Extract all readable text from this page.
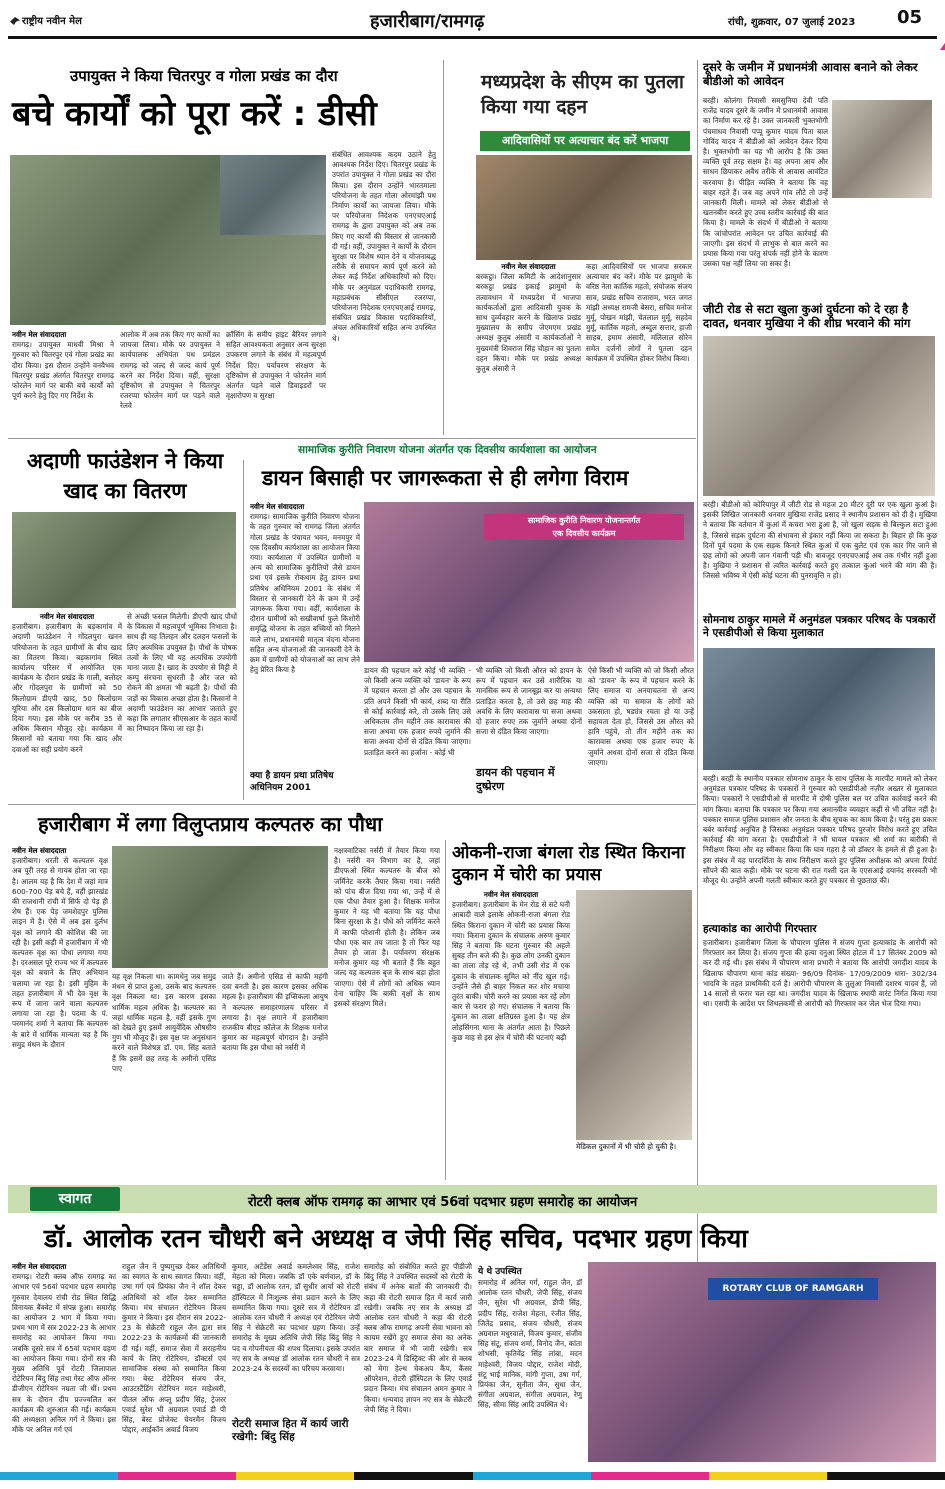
राष्ट्रीय नवीन मेल	हजारीबाग/रामगढ़	रांची, शुक्रवार, 07 जुलाई 2023 05
उपायुक्त ने किया चितरपुर व गोला प्रखंड का दौरा
बचे कार्यों को पूरा करें : डीसी
नवीन मेल संवाददाता
रामगढ़। उपायुक्त माधवी मिश्रा ने गुरुवार को चितरपुर एवं गोला प्रखंड का दौरा किया। इस दौरान उन्होंने वनवैभव चितरपुर प्रखंड अंतर्गत चितरपुर रामगढ़ फोरलेन मार्ग पर बाकी बचे कार्यों को पूर्ण करने हेतु दिए गए निर्देश के
आलोक में अब तक किए गए कार्यों का जायजा लिया। मौके पर उपायुक्त ने कार्यपालक अभियंता पथ प्रमंडल रामगढ़ को जल्द से जल्द कार्य पूर्ण करने का निर्देश दिया। वहीं, सुरक्षा दृष्टिकोण से उपायुक्त ने चितरपुर रजरप्पा फोरलेन मार्ग पर पड़ने वाले रेलवे
क्रॉसिंग के समीप हाइट बैरियर लगाने सहित आवश्यकता अनुसार अन्य सुरक्षा उपकरण लगाने के संबंध में महत्वपूर्ण निर्देश दिए। पर्यावरण संरक्षण के दृष्टिकोण से उपायुक्त ने फोरलेन मार्ग अंतर्गत पड़ने वाले डिवाइडरों पर वृक्षारोपण व सुरक्षा
संबंधित आवश्यक कदम उठाने हेतु आवश्यक निर्देश दिए। चितरपुर प्रखंड के उपरांत उपायुक्त ने गोला प्रखंड का दौरा किया। इस दौरान उन्होंने भारतमाला परियोजना के तहत गोला ओरमांझी पथ निर्माण कार्यों का जायजा लिया। मौके पर परियोजना निदेशक एनएचएआई रामगढ़ के द्वारा उपायुक्त को अब तक किए गए कार्यों की विस्तार से जानकारी दी गई। वहीं, उपायुक्त ने कार्यों के दौरान सुरक्षा पर विशेष ध्यान देने व योजनाबद्ध तरीके से समापन कार्य पूर्ण करने को लेकर कई निर्देश अधिकारियों को दिए। मौके पर अनुमंडल पदाधिकारी रामगढ़, महाप्रबंधक सीसीएल रजरप्पा, परियोजना निदेशक एनएचएआई रामगढ़, संबंधित प्रखंड विकास पदाधिकारियों, अंचल अधिकारियों सहित अन्य उपस्थित थे।
मध्यप्रदेश के सीएम का पुतला किया गया दहन
आदिवासियों पर अत्याचार बंद करें भाजपा
नवीन मेल संवाददाता
बरकट्ठा। जिला कमिटी के आदेशानुसार बरकट्ठा प्रखंड इकाई झामुमो के तत्वावधान में मध्यप्रदेश में भाजपा कार्यकर्ताओं द्वारा आदिवासी युवक के साथ दुर्व्यवहार करने के खिलाफ प्रखंड मुख्यालय के समीप जेएमएम प्रखंड अध्यक्ष कुतुब अंसारी व कार्यकर्ताओं ने मुख्यमंत्री शिवराज सिंह चौहान का पुतला दहन किया। मौके पर प्रखंड अध्यक्ष कुतुब अंसारी ने
कहा आदिवासियों पर भाजपा सरकार अत्याचार बंद करें। मौके पर झामुमो के वरिष्ठ नेता कार्तिक महतो, संयोजक संजय साव, प्रखंड सचिव राजाराम, भरत जगत मांझी अध्यक्ष रामजी बेसरा, सचिव मनोज मुर्मू, पोखन मांझी, चेतलाल मुर्मू, सहदेव मुर्मू, कार्तिक महतो, अब्दुल सत्तार, हाजी साहब, इमाम अंसारी, मलिलाल सोरेन समेत दर्जनों लोगों ने पुतला दहन कार्यक्रम में उपस्थित होकर विरोध किया।
दूसरे के जमीन में प्रधानमंत्री आवास बनाने को लेकर बीडीओ को आवेदन
बरही। कोलंगा निवासी समसुनिया देवी पति राजेंद्र यादव दूसरे के जमीन में प्रधानमंत्री आवास का निर्माण कर रहे है। उक्त जानकारी भुक्तभोगी पंचमाधव निवासी पप्पू कुमार यादव पिता बाल गोविंद यादव ने बीडीओ को आवेदन देकर दिया है। भुक्तभोगी का यह भी आरोप है कि उक्त व्यक्ति पूर्व तरह सक्षम है। वह अपना आय और साधन छिपाकर अवैध तरीके से आवास आवंटित करवाया है। पीड़ित व्यक्ति ने बताया कि वह बाहर रहते हैं। जब वह अपने गांव लौटे तो उन्हें जानकारी मिली। मामले को लेकर बीडीओ से खतनबीन करते हुए उच्च स्तरीय कार्रवाई की बात किया है। मामले के संदर्भ में बीडीओ ने बताया कि जांचोपरांत आवेदन पर उचित कार्रवाई की जाएगी। इस संदर्भ में लाभुक से बात करने का प्रयास किया गया परंतु संपर्क नहीं होने के कारण उसका पक्ष नहीं लिया जा सका है।
जीटी रोड से सटा खुला कुआं दुर्घटना को दे रहा है दावत, धनवार मुखिया ने की शीघ्र भरवाने की मांग
बरही। बीडीओ को कोरियापुर में जीटी रोड से महज 20 मीटर दूरी पर एक खुला कुआं है। इसकी लिखित जानकारी धनवार मुखिया राजेंद्र प्रसाद ने स्थानीय प्रशासन को दी है। मुखिया ने बताया कि वर्तमान में कुआं में कचरा भरा हुआ है, जो खुला सड़क से बिल्कुल सटा हुआ है, जिससे सड़क दुर्घटना की संभावना से इंकार नहीं किया जा सकता है। बिहार हो कि कुछ दिनों पूर्व पदमा के एक सड़क किनारे स्थित कुआं में एक बुलेट एवं एक कार गिर जाने से छह लोगों को अपनी जान गंवानी पड़ी थी। बावजूद एनएचएआई अब तक गंभीर नहीं हुआ है। मुखिया ने प्रशासन से त्वरित कार्रवाई करते हुए तत्काल कुआं भरने की मांग की है। जिससे भविष्य में ऐसी कोई घटना की पुनरावृत्ति न हो।
सोमनाथ ठाकुर मामले में अनुमंडल पत्रकार परिषद के पत्रकारों ने एसडीपीओ से किया मुलाकात
बरही। बरही के स्थानीय पत्रकार सोमनाथ ठाकुर के साथ पुलिस के मारपीट मामले को लेकर अनुमंडल पत्रकार परिषद के पत्रकारों ने गुरुवार को एसडीपीओ नज़ीर अख्तर से मुलाकात किया। पत्रकारों ने एसडीपीओ से मारपीट में दोषी पुलिस बल पर उचित कार्रवाई करने की मांग किया। बताया कि पत्रकार पर किया गया अमानवीय व्यवहार कहीं से भी उचित नहीं है। पत्रकार समाज पुलिस प्रशासन और जनता के बीच सूचक का काम किया है। परंतु इस प्रकार बर्बर कार्रवाई अनुचित है जिसका अनुमंडल पत्रकार परिषद पुरजोर विरोध करते हुए उचित कार्रवाई की मांग करता है। एसडीपीओ ने भी घायल पत्रकार श्री शर्मा का बारीकी से निरीक्षण किया और वह स्वीकार किया कि घाव गहरा है जो डॉक्टर के हमले से ही हुआ है। इस संबंध में वह पारदर्शिता के साथ निरीक्षण करते हुए पुलिस अधीक्षक को अपना रिपोर्ट सौंपने की बात कही। मौके पर घटना की रात गश्ती दल के एएसआई दयानंद सरस्वती भी मौजूद थे। उन्होंने अपनी गलती स्वीकार करते हुए पत्रकार से पूछताछ की।
हत्याकांड का आरोपी गिरफ्तार
हजारीबाग। हजारीबाग जिला के चौपारण पुलिस ने संजय गुप्ता हत्याकांड के आरोपी को गिरफ्तार कर लिया है। संजय गुप्ता की हत्या दनुआ स्थित होटल में 17 सितंबर 2009 को कर दी गई थी। इस संबंध में चौपारण थाना प्रभारी ने बताया कि आरोपी जगदीश यादव के खिलाफ चौपारण थाना कांड संख्या- 96/09 दिनांक- 17/09/2009 धारा- 302/34 भादवि के तहत प्राथमिकी दर्ज है। आरोपी चौपारण के तुलुआ निवासी दशरथ यादव हैं, जो 14 सालों से फरार चल रहा था। जगदीश यादव के खिलाफ स्थायी वारंट निर्गत किया गया था। एसपी के आदेश पर शिथलकर्मी से आरोपी को गिरफ्तार कर जेल भेज दिया गया।
सामाजिक कुरीति निवारण योजना अंतर्गत एक दिवसीय कार्यशाला का आयोजन
अदाणी फाउंडेशन ने किया खाद का वितरण
नवीन मेल संवाददाता
हजारीबाग। हजारीबाग के बड़कागांव में अदाणी फाउंडेशन ने गोंदलपुरा खनन परियोजना के तहत ग्रामीणों के बीच खाद का वितरण किया। बड़कागांव स्थित कार्यालय परिसर में आयोजित एक कार्यक्रम के दौरान प्रखंड के गाली, बलोदर और गोंदलपुरा के ग्रामीणों को 50 किलोग्राम डीएपी खाद, 50 किलोग्राम यूरिया और दस किलोग्राम धान का बीज दिया गया। इस मौके पर करीब 35 से अधिक किसान मौजूद रहे। कार्यक्रम में किसानों को बताया गया कि खाद और दवाओं का सही प्रयोग करने
से अच्छी फसल मिलेगी। डीएपी खाद पौधों के विकास में महत्वपूर्ण भूमिका निभाता है। साथ ही यह तिलहन और दलहन फसलों के लिए अत्यधिक उपयुक्त है। पौधों के पोषक तत्वों के लिए भी यह अत्यधिक उपयोगी माना जाता है। खाद के उपयोग से मिट्टी में कम्पु संरचना सुधरती है और जल को रोकने की क्षमता भी बढ़ती है। पौधों की जड़ों का विकास अच्छा होता है। किसानों ने अदाणी फाउंडेशन का आभार जताते हुए कहा कि लगातार सीएसआर के तहत कार्यों का निष्पादन किया जा रहा है।
डायन बिसाही पर जागरूकता से ही लगेगा विराम
नवीन मेल संवाददाता
रामगढ़। सामाजिक कुरीति निवारण योजना के तहत गुरुवार को रामगढ़ जिला अंतर्गत गोला प्रखंड के पंचायत भवन, मनमपुर में एक दिवसीय कार्यशाला का आयोजन किया गया। कार्यशाला में उपस्थित ग्रामीणों व अन्य को सामाजिक कुरीतियों जैसे डायन प्रथा एवं इसके रोकथाम हेतु डायन प्रथा प्रतिषेध अधिनियम 2001 के संबंध में विस्तार से जानकारी देने के क्रम में उन्हें जागरूक किया गया। वहीं, कार्यशाला के दौरान ग्रामीणों को सखीवार्षा फुले किशोरी समृद्धि योजना के तहत बच्चियों को मिलने वाले लाभ, प्रधानमंत्री मातृत्व वंदना योजना सहित अन्य योजनाओं की जानकारी देने के क्रम में ग्रामीणों को योजनाओं का लाभ लेने हेतु प्रेरित किया है
क्या है डायन प्रथा प्रतिषेध अधिनियम 2001
सामाजिक कुरीति निवारण योजनान्तर्गत
एक दिवसीय कार्यक्रम
डायन की पहचान करे कोई भी व्यक्ति - जो किसी अन्य व्यक्ति को 'डायन' के रूप में पहचान करता हो और उस पहचान के प्रति अपने किसी भी कार्य, शब्द या रीति से कोई कार्रवाई करे, तो उसके लिए उसे अधिकतम तीन महीने तक कारावास की सजा अथवा एक हजार रुपये जुर्माने की सजा अथवा दोनों से दंडित किया जाएगा। प्रताड़ित करने का हर्जाना - कोई भी
भी व्यक्ति जो किसी औरत को डायन के रूप में पहचान कर उसे शारीरिक या मानसिक रूप से जानबूझ कर या अन्यथा प्रताड़ित करता है, तो उसे छह माह की अवधि के लिए कारावास या सजा अथवा दो हजार रुपए तक जुर्माने अथवा दोनों सजा से दंडित किया जाएगा।
डायन की पहचान में दुष्प्रेरण
ऐसे किसी भी व्यक्ति को जो किसी औरत को 'डायन' के रूप में पहचान करने के लिए समाज या अनयाचतना से अन्य व्यक्ति को या समाज के लोगों को उकसाता हो, षड्यंत्र रचता हो या उन्हें सहायता देता हो, जिससे उस औरत को हानि पहुंचे, तो तीन महीने तक का कारावास अथवा एक हजार रुपए के जुर्माने अथवा दोनों सजा से दंडित किया जाएगा।
हजारीबाग में लगा विलुप्तप्राय कल्पतरु का पौधा
नवीन मेल संवाददाता
हजारीबाग। धरती से कल्पतरु वृक्ष अब पूरी तरह से गायब होता जा रहा है। आलम यह है कि देश में जहां मात्र 600-700 पेड़ बचे हैं, वहीं झारखंड की राजधानी रांची में सिर्फ दो पेड़ ही शेष हैं। एक पेड़ जमशेदपुर पुलिस लाइन में है। ऐसे में अब इस दुर्लभ वृक्ष को लगाने की कोशिश की जा रही है। इसी कड़ी में हजारीबाग में भी कल्पतरु वृक्ष का पौधा लगाया गया है। दरअसल पूरे राज्य भर में कल्पतरु वृक्ष को बचाने के लिए अभियान चलाया जा रहा है। इसी मुहिम के तहत हजारीबाग में भी देव वृक्ष के रूप में जाना जाने वाला कल्पतरु लगाया जा रहा है। पदमा के पं. परमानंद शर्मा ने बताया कि कल्पतरु के बारे में धार्मिक मान्यता यह है कि समुद्र मंथन के दौरान
यह वृक्ष निकला था। कामधेनु जब समुद्र मंथन से प्राप्त हुआ, उसके बाद कल्पतरु वृक्ष निकला था। इस कारण इसका धार्मिक महत्व अधिक है। कल्पतरु का जहां धार्मिक महत्व है, वहीं इसके गुण को देखते हुए इसमें आयुर्वेदिक औषधीय गुण भी मौजूद हैं। इस वृक्ष पर अनुसंधान करने वाले विशेषज्ञ डॉ. एम. सिंह बताते हैं कि इसमें छह तरह के अमीनो एसिड पाए
जाते हैं। अमीनो एसिड से काफी महंगी दवा बनती है। इस कारण इसका अधिक महत्व है। हजारीबाग की इप्सिकला आयुष ने कल्पतरु समाहरणालय परिसर में लगाया है। वृक्ष लगाने में हजारीबाग राजकीय बीएड कॉलेज के शिक्षक मनोज कुमार का महत्वपूर्ण योगदान है। उन्होंने बताया कि इस पौधा को नर्सरी में
नक्षत्रवाटिका नर्सरी में तैयार किया गया है। नर्सरी वन विभाग का है, जहां डीएफओ स्थित कल्पतरु के बीज को जर्मिनेट करके तैयार किया गया। नर्सरी को पांच बीज दिया गया था, उन्हें में से एक पौधा तैयार हुआ है। शिक्षक मनोज कुमार ने यह भी बताया कि यह पौधा बिना सुरक्षा के है। पौधे को जर्मिनेट करने में काफी परेशानी होती है। लेकिन जब पौधा एक बार तय जाता है तो फिर यह तैयार हो जाता है। पर्यावरण संरक्षक मनोज कुमार यह भी बताते हैं कि बहुत जल्द यह कल्पतरु बृज के साथ बड़ा होता जाएगा। ऐसे में लोगों को अधिक ध्यान देना चाहिए कि बाकी वृक्षों के साथ इसको संरक्षण मिले।
ओकनी-राजा बंगला रोड स्थित किराना दुकान में चोरी का प्रयास
नवीन मेल संवाददाता
हजारीबाग। हजारीबाग के मेन रोड से सटे घनी आबादी वाले इलाके ओकनी-राजा बंगला रोड स्थित किराना दुकान में चोरी का प्रयास किया गया। किराना दुकान के संचालक अरुण कुमार सिंह ने बताया कि घटना गुरुवार की अहले सुबह तीन बजे की है। कुछ लोग उनकी दुकान का ताला तोड़ रहे थे, तभी उसी रोड में एक दुकान के संचालक सुमित को नींद खुल गई। उन्होंने जैसे ही बाहर निकल कर शोर मचाया तुरंत बाकी। चोरी करने का प्रयास कर रहे लोग कार से फरार हो गए। संचालक ने बताया कि दुकान का ताला क्षतिग्रस्त हुआ है। यह क्षेत्र लोहसिंगना थाना के अंतर्गत आता है। पिछले कुछ माह से इस क्षेत्र में चोरी की घटनाएं बढ़ी
मेडिकल दुकानों में भी चोरी हो चुकी है।
स्वागत	रोटरी क्लब ऑफ रामगढ़ का आभार एवं 56वां पदभार ग्रहण समारोह का आयोजन
डॉ. आलोक रतन चौधरी बने अध्यक्ष व जेपी सिंह सचिव, पदभार ग्रहण किया
नवीन मेल संवाददाता
रामगढ़। रोटरी क्लब ऑफ रामगढ़ का आभार एवं 56वां पदभार ग्रहण समारोह गुरुवार देवालय रांची रोड स्थित सिद्धि विनायक बैंक्वेट में संपन्न हुआ। समारोह का आयोजन 2 भाग में किया गया। प्रथम भाग में सत्र 2022-23 के आभार समारोह का आयोजन किया गया। जबकि दूसरे सत्र में 65वां पदभार ग्रहण का आयोजन किया गया। दोनों सत्र की मुख्य अतिथि पूर्व रोटरी जिलापाल रोटेरियन बिंदु सिंह तथा गेस्ट ऑफ ऑनर डीजीएन रोटेरियन नम्रता जी थीं। प्रथम सत्र के दौरान दीप प्रज्ज्वलित कर कार्यक्रम की शुरुआत की गई। कार्यक्रम की अध्यक्षता अनिल गर्ग ने किया। इस मौके पर अनिल गर्ग एवं
राहुल जैन ने पुष्पगुच्छ देकर अतिथियों का स्वागत के साथ स्वागत किया। वहीं, उषा गर्ग एवं प्रियंका जैन ने शॉल देकर अतिथियों को शॉल देकर सम्मानित किया। मंच संचालन रोटेरियन विजय कुमार ने किया। इस दौरान सत्र 2022-23 के सेक्रेटरी राहुल जैन द्वारा सत्र 2022-23 के कार्यक्रमों की जानकारी दी गई। वहीं, समाज सेवा में सराहनीय कार्य के लिए रोटेरियन, डॉक्टर्स एवं सामाजिक संस्था को सम्मानित किया गया। बेस्ट रोटेरियन संजय जैन, आउटस्टैंडिंग रोटेरियन मदन माहेश्वरी, पीतल ऑफ अप्लू प्रदीप सिंह, ट्रेजरर एवार्ड सुरेश भी अग्रवाल एवार्ड डी पी सिंह, बेस्ट प्रोजेक्ट चेयरमैन विजय पोद्दार, आईकॉन अवार्ड विजय
कुमार, अटेंडेंस अवार्ड कमलेश्वर सिंह, राजेश मेहता को मिला। जबकि डॉ एके बर्णवाल, डॉ के चड्डा, डॉ आलोक रतन, डॉ सुधीर आर्या को रोटरी हॉस्पिटल में निःशुल्क सेवा प्रदान करने के लिए सम्मानित किया गया। दूसरे सत्र में रोटेरियन डॉ आलोक रतन चौधरी ने अध्यक्ष एवं रोटेरियन जेपी सिंह ने सेक्रेटरी का पदभार ग्रहण किया। उन्हें समारोह के मुख्य अतिथि जेपी सिंह बिंदु सिंह ने पद व गोपनीयता की शपथ दिलाया। इसके उपरांत नए सत्र के अध्यक्ष डॉ आलोक रतन चौधरी ने सत्र 2023-24 के सदस्यों का परिचय करवाया।
रोटरी समाज हित में कार्य जारी रखेगी: बिंदु सिंह
समारोह को संबोधित करते हुए पीडीजी बिंदु सिंह ने उपस्थित सदस्यों को रोटरी के संबंध में अनेक बातों की जानकारी दी। कहा की रोटरी समाज हित में कार्य जारी रखेगी। जबकि नए सत्र के अध्यक्ष डॉ आलोक रतन चौधरी ने कहा की रोटरी क्लब ऑफ रामगढ़ अपनी सेवा भावना को कायम रखेंगे हुए समाज सेवा का अनेक बार समाज में भी जारी रखेगी। सत्र 2023-24 में डिस्ट्रिक्ट की ओर से क्लब को मेगा हेल्थ चेकअप कैंप, कैंसर ऑपरेशन, रोटरी हॉस्पिटल के लिए एवार्ड प्रदान किया। मंच संचालन अमन कुमार ने किया। धन्यवाद ज्ञापन नए सत्र के सेक्रेटरी जेपी सिंह ने दिया।
ये थे उपस्थित
समारोह में अनिल गर्ग, राहुल जैन, डॉ आलोक रतन चौधरी, जेपी सिंह, संजय जैन, सुरेश भी अग्रवाल, डीपी सिंह, प्रदीप सिंह, राजेश मेहता, रंजीत सिंह, जितेंद्र प्रसाद, संजय चौधरी, संजय अग्रवाल मधुरवाले, विजय कुमार, संजीव सिंह संटू, संजय शर्मा, विनोद जैन, कांता शोभसी, कृतिवेंद्र सिंह लांबा, मदन माहेश्वरी, विजय पोद्दार, राजेश मोदी, संटू भाई मानिक, मांगी गुप्ता, उषा गर्ग, प्रियंका जैन, सुनीता जैन, सुधा जैन, संगीता अग्रवाल, संगीता अग्रवाल, रेणु सिंह, सीमा सिंह आदि उपस्थित थे।
ROTARY CLUB OF RAMGARH
